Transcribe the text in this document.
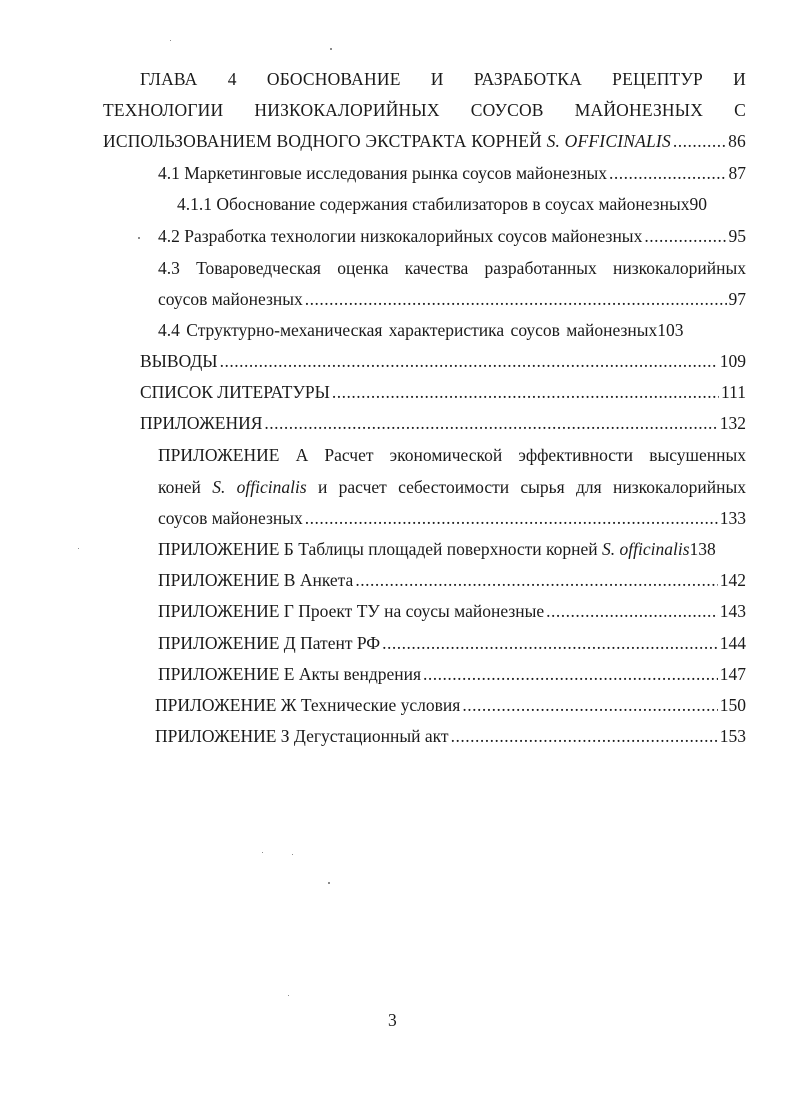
ГЛАВА 4 ОБОСНОВАНИЕ И РАЗРАБОТКА РЕЦЕПТУР И
ТЕХНОЛОГИИ НИЗКОКАЛОРИЙНЫХ СОУСОВ МАЙОНЕЗНЫХ С
ИСПОЛЬЗОВАНИЕМ ВОДНОГО ЭКСТРАКТА КОРНЕЙ S. OFFICINALIS .....	86
4.1 Маркетинговые исследования рынка соусов майонезных .....	87
4.1.1 Обоснование содержания стабилизаторов в соусах майонезных 90
4.2 Разработка технологии низкокалорийных соусов майонезных .....	95
4.3 Товароведческая оценка качества разработанных низкокалорийных
соусов майонезных .....	97
4.4 Структурно-механическая характеристика соусов майонезных 103
ВЫВОДЫ .....	109
СПИСОК ЛИТЕРАТУРЫ .....	111
ПРИЛОЖЕНИЯ .....	132
ПРИЛОЖЕНИЕ А Расчет экономической эффективности высушенных
коней S. officinalis и расчет себестоимости сырья для низкокалорийных
соусов майонезных .....	133
ПРИЛОЖЕНИЕ Б Таблицы площадей поверхности корней S. officinalis 138
ПРИЛОЖЕНИЕ В Анкета .....	142
ПРИЛОЖЕНИЕ Г Проект ТУ на соусы майонезные .....	143
ПРИЛОЖЕНИЕ Д Патент РФ .....	144
ПРИЛОЖЕНИЕ Е Акты вендрения .....	147
ПРИЛОЖЕНИЕ Ж Технические условия .....	150
ПРИЛОЖЕНИЕ З Дегустационный акт .....	153
3
